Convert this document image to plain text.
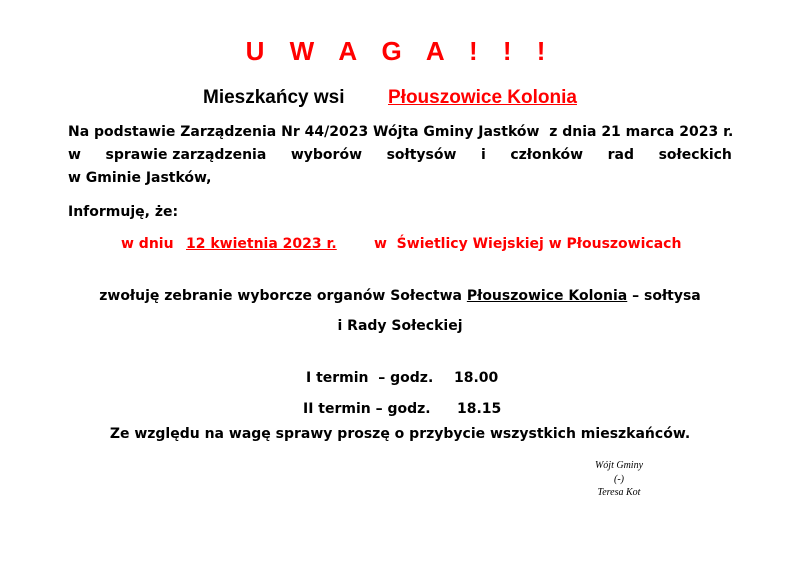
U W A G A ! ! !
Mieszkańcy wsi Płouszowice Kolonia
Na podstawie Zarządzenia Nr 44/2023 Wójta Gminy Jastków  z dnia 21 marca 2023 r.
w sprawie zarządzenia wyborów sołtysów i członków rad sołeckich
w Gminie Jastków,
Informuję, że:
w dniu 12 kwietnia 2023 r.	w  Świetlicy Wiejskiej w Płouszowicach
zwołuję zebranie wyborcze organów Sołectwa Płouszowice Kolonia – sołtysa
i Rady Sołeckiej
I termin  – godz. 18.00
II termin – godz. 18.15
Ze względu na wagę sprawy proszę o przybycie wszystkich mieszkańców.
Wójt Gminy
(-)
Teresa Kot
